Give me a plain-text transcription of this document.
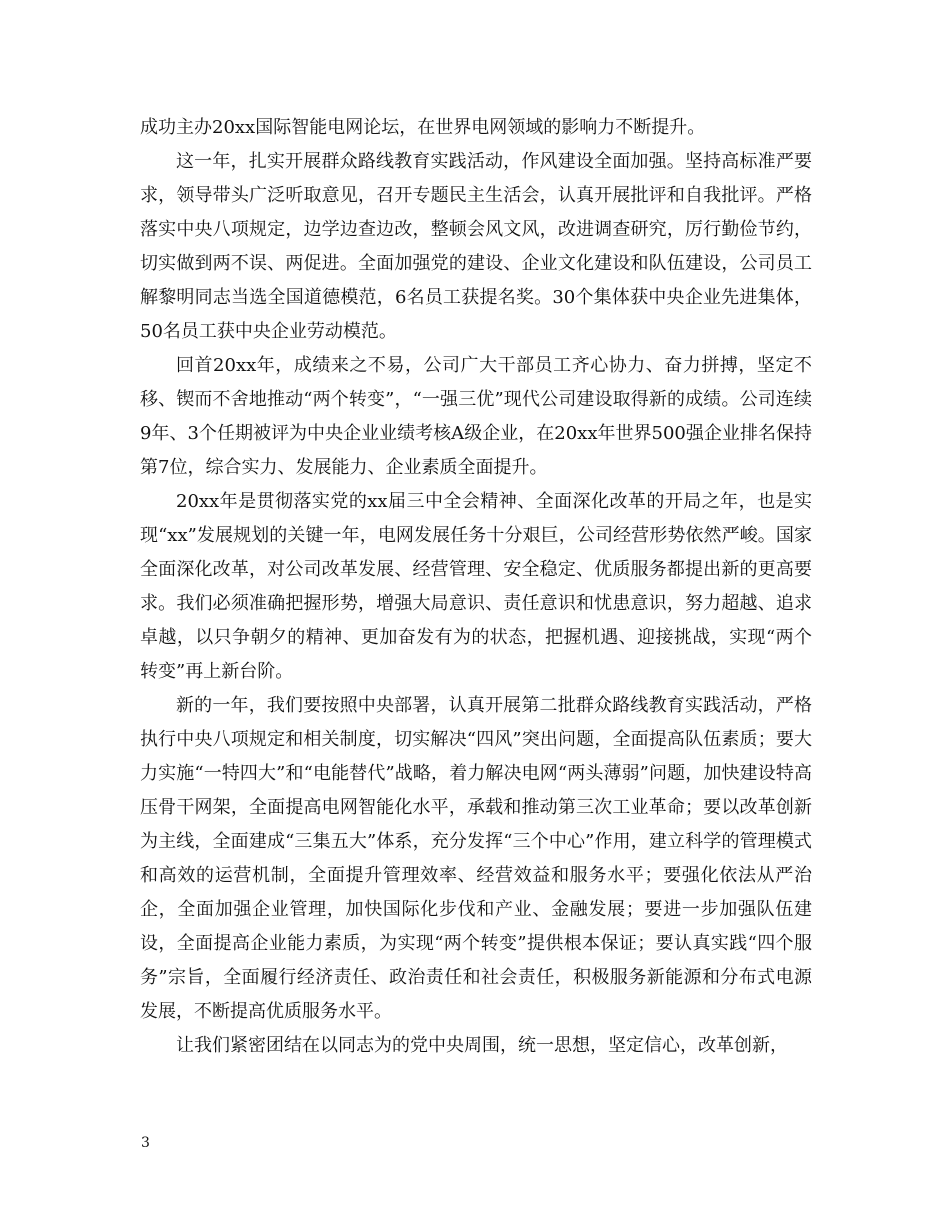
成功主办20xx国际智能电网论坛，在世界电网领域的影响力不断提升。

这一年，扎实开展群众路线教育实践活动，作风建设全面加强。坚持高标准严要求，领导带头广泛听取意见，召开专题民主生活会，认真开展批评和自我批评。严格落实中央八项规定，边学边查边改，整顿会风文风，改进调查研究，厉行勤俭节约，切实做到两不误、两促进。全面加强党的建设、企业文化建设和队伍建设，公司员工解黎明同志当选全国道德模范，6名员工获提名奖。30个集体获中央企业先进集体，50名员工获中央企业劳动模范。

回首20xx年，成绩来之不易，公司广大干部员工齐心协力、奋力拼搏，坚定不移、锲而不舍地推动“两个转变”，“一强三优”现代公司建设取得新的成绩。公司连续9年、3个任期被评为中央企业业绩考核A级企业，在20xx年世界500强企业排名保持第7位，综合实力、发展能力、企业素质全面提升。

20xx年是贯彻落实党的xx届三中全会精神、全面深化改革的开局之年，也是实现“xx”发展规划的关键一年，电网发展任务十分艰巨，公司经营形势依然严峻。国家全面深化改革，对公司改革发展、经营管理、安全稳定、优质服务都提出新的更高要求。我们必须准确把握形势，增强大局意识、责任意识和忧患意识，努力超越、追求卓越，以只争朝夕的精神、更加奋发有为的状态，把握机遇、迎接挑战，实现“两个转变”再上新台阶。

新的一年，我们要按照中央部署，认真开展第二批群众路线教育实践活动，严格执行中央八项规定和相关制度，切实解决“四风”突出问题，全面提高队伍素质；要大力实施“一特四大”和“电能替代”战略，着力解决电网“两头薄弱”问题，加快建设特高压骨干网架，全面提高电网智能化水平，承载和推动第三次工业革命；要以改革创新为主线，全面建成“三集五大”体系，充分发挥“三个中心”作用，建立科学的管理模式和高效的运营机制，全面提升管理效率、经营效益和服务水平；要强化依法从严治企，全面加强企业管理，加快国际化步伐和产业、金融发展；要进一步加强队伍建设，全面提高企业能力素质，为实现“两个转变”提供根本保证；要认真实践“四个服务”宗旨，全面履行经济责任、政治责任和社会责任，积极服务新能源和分布式电源发展，不断提高优质服务水平。

让我们紧密团结在以同志为的党中央周围，统一思想，坚定信心，改革创新，

3
